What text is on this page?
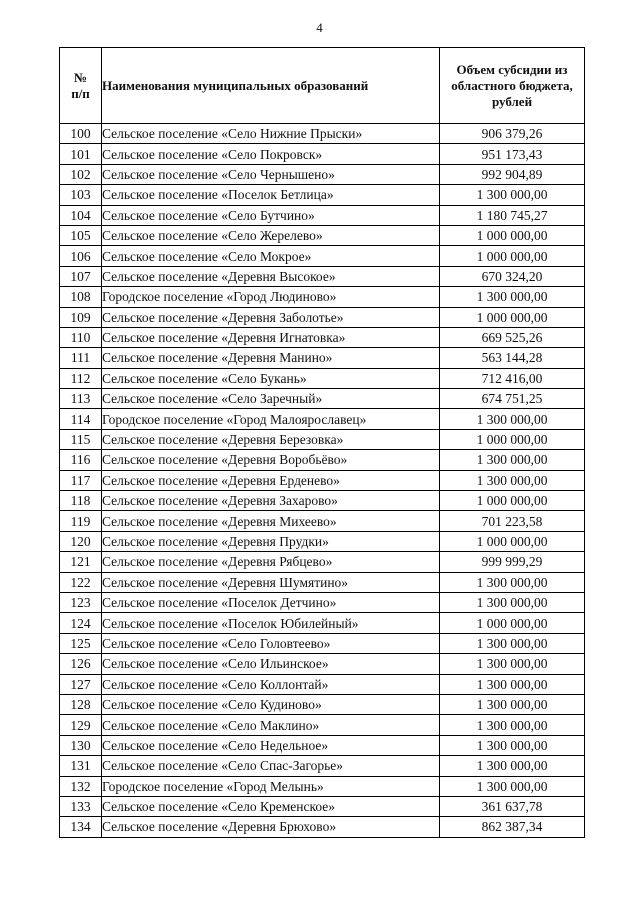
4
№
п/п	Наименования муниципальных образований	Объем субсидии из
областного бюджета,
рублей
100	Сельское поселение «Село Нижние Прыски»	906 379,26
101	Сельское поселение «Село Покровск»	951 173,43
102	Сельское поселение «Село Чернышено»	992 904,89
103	Сельское поселение «Поселок Бетлица»	1 300 000,00
104	Сельское поселение «Село Бутчино»	1 180 745,27
105	Сельское поселение «Село Жерелево»	1 000 000,00
106	Сельское поселение «Село Мокрое»	1 000 000,00
107	Сельское поселение «Деревня Высокое»	670 324,20
108	Городское поселение «Город Людиново»	1 300 000,00
109	Сельское поселение «Деревня Заболотье»	1 000 000,00
110	Сельское поселение «Деревня Игнатовка»	669 525,26
111	Сельское поселение «Деревня Манино»	563 144,28
112	Сельское поселение «Село Букань»	712 416,00
113	Сельское поселение «Село Заречный»	674 751,25
114	Городское поселение «Город Малоярославец»	1 300 000,00
115	Сельское поселение «Деревня Березовка»	1 000 000,00
116	Сельское поселение «Деревня Воробьёво»	1 300 000,00
117	Сельское поселение «Деревня Ерденево»	1 300 000,00
118	Сельское поселение «Деревня Захарово»	1 000 000,00
119	Сельское поселение «Деревня Михеево»	701 223,58
120	Сельское поселение «Деревня Прудки»	1 000 000,00
121	Сельское поселение «Деревня Рябцево»	999 999,29
122	Сельское поселение «Деревня Шумятино»	1 300 000,00
123	Сельское поселение «Поселок Детчино»	1 300 000,00
124	Сельское поселение «Поселок Юбилейный»	1 000 000,00
125	Сельское поселение «Село Головтеево»	1 300 000,00
126	Сельское поселение «Село Ильинское»	1 300 000,00
127	Сельское поселение «Село Коллонтай»	1 300 000,00
128	Сельское поселение «Село Кудиново»	1 300 000,00
129	Сельское поселение «Село Маклино»	1 300 000,00
130	Сельское поселение «Село Недельное»	1 300 000,00
131	Сельское поселение «Село Спас-Загорье»	1 300 000,00
132	Городское поселение «Город Мелынь»	1 300 000,00
133	Сельское поселение «Село Кременское»	361 637,78
134	Сельское поселение «Деревня Брюхово»	862 387,34
